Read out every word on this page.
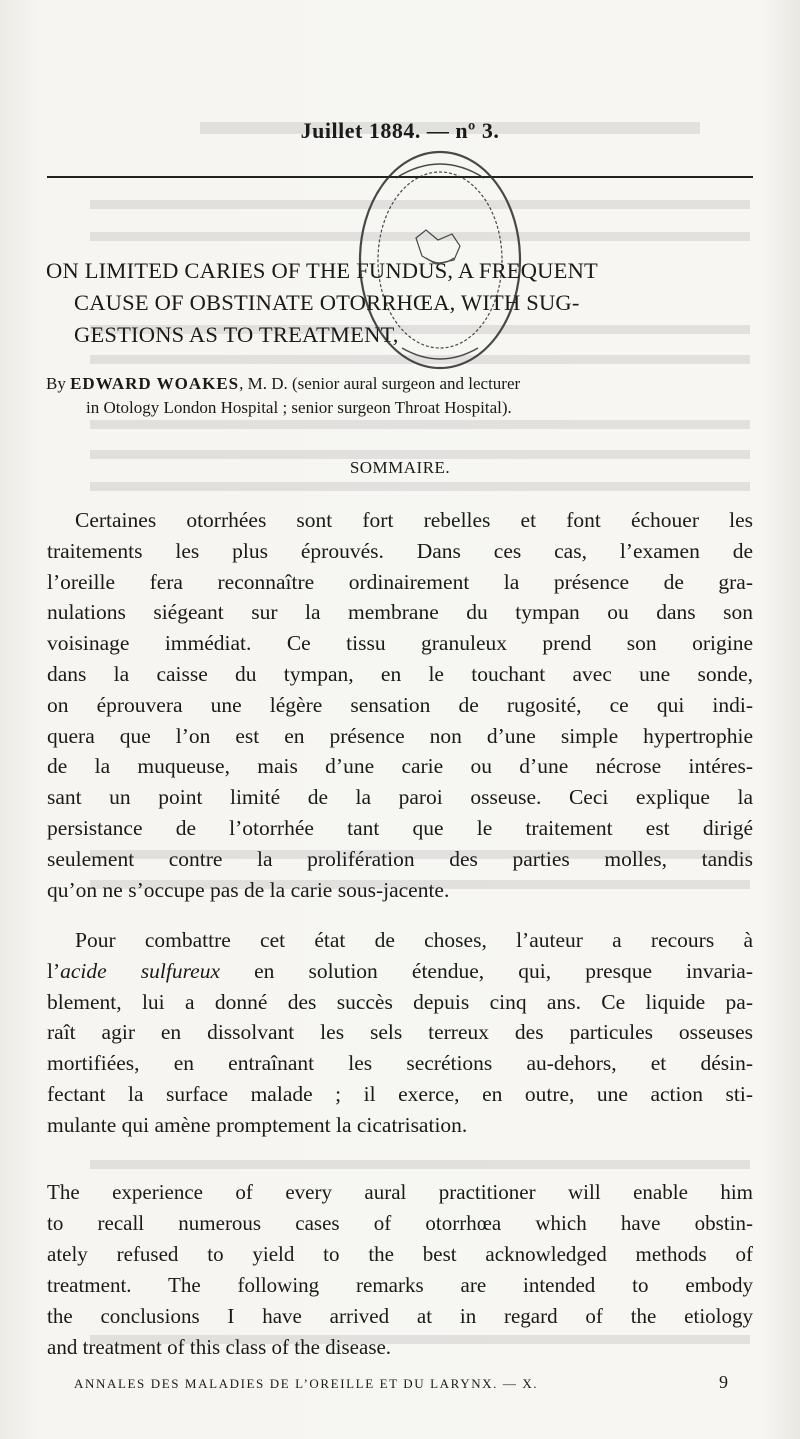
Juillet 1884. — nº 3.
ON LIMITED CARIES OF THE FUNDUS, A FREQUENT
CAUSE OF OBSTINATE OTORRHŒA, WITH SUG-
GESTIONS AS TO TREATMENT,
By EDWARD WOAKES, M. D. (senior aural surgeon and lecturer
in Otology London Hospital ; senior surgeon Throat Hospital).
SOMMAIRE.
Certaines otorrhées sont fort rebelles et font échouer les
traitements les plus éprouvés. Dans ces cas, l’examen de
l’oreille fera reconnaître ordinairement la présence de gra-
nulations siégeant sur la membrane du tympan ou dans son
voisinage immédiat. Ce tissu granuleux prend son origine
dans la caisse du tympan, en le touchant avec une sonde,
on éprouvera une légère sensation de rugosité, ce qui indi-
quera que l’on est en présence non d’une simple hypertrophie
de la muqueuse, mais d’une carie ou d’une nécrose intéres-
sant un point limité de la paroi osseuse. Ceci explique la
persistance de l’otorrhée tant que le traitement est dirigé
seulement contre la prolifération des parties molles, tandis
qu’on ne s’occupe pas de la carie sous-jacente.
Pour combattre cet état de choses, l’auteur a recours à
l’acide sulfureux en solution étendue, qui, presque invaria-
blement, lui a donné des succès depuis cinq ans. Ce liquide pa-
raît agir en dissolvant les sels terreux des particules osseuses
mortifiées, en entraînant les secrétions au-dehors, et désin-
fectant la surface malade ; il exerce, en outre, une action sti-
mulante qui amène promptement la cicatrisation.
The experience of every aural practitioner will enable him
to recall numerous cases of otorrhœa which have obstin-
ately refused to yield to the best acknowledged methods of
treatment. The following remarks are intended to embody
the conclusions I have arrived at in regard of the etiology
and treatment of this class of the disease.
ANNALES DES MALADIES DE L’OREILLE ET DU LARYNX. — X.	9
